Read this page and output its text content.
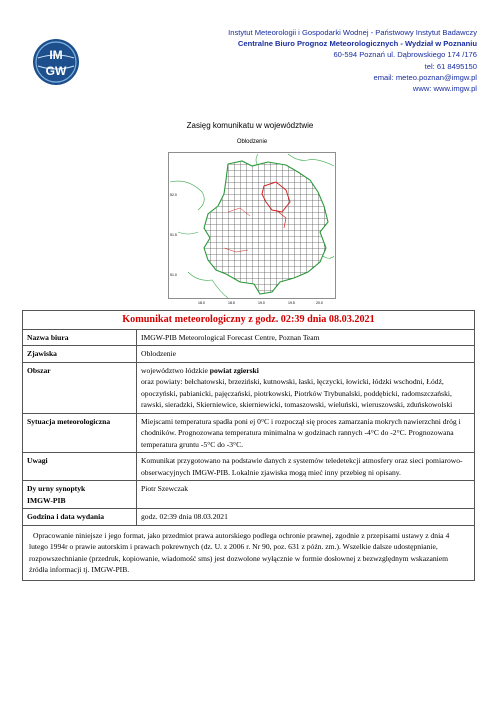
IM
GW
Instytut Meteorologii i Gospodarki Wodnej - Państwowy Instytut Badawczy
Centralne Biuro Prognoz Meteorologicznych - Wydział w Poznaniu
60-594 Poznań ul. Dąbrowskiego 174 /176
tel: 61 8495150
email: meteo.poznan@imgw.pl
www: www.imgw.pl
Zasięg komunikatu w województwie
Oblodzenie
52.0
51.5
51.0
18.0	18.5	19.0	19.5	20.0
Komunikat meteorologiczny z godz. 02:39 dnia 08.03.2021	
Nazwa biura	IMGW-PIB Meteorological Forecast Centre, Poznan Team
Zjawiska	Oblodzenie
Obszar	województwo łódzkie powiat zgierski
oraz powiaty: bełchatowski, brzeziński, kutnowski, łaski, łęczycki, łowicki, łódzki wschodni, Łódź, opoczyński, pabianicki, pajęczański, piotrkowski, Piotrków Trybunalski, poddębicki, radomszczański, rawski, sieradzki, Skierniewice, skierniewicki, tomaszowski, wieluński, wieruszowski, zduńskowolski
Sytuacja meteorologiczna	Miejscami temperatura spadła poni ej 0°C i rozpoczął się proces zamarzania mokrych nawierzchni dróg i chodników. Prognozowana temperatura minimalna w godzinach rannych -4°C do -2°C. Prognozowana temperatura gruntu -5°C do -3°C.
Uwagi	Komunikat przygotowano na podstawie danych z systemów teledetekcji atmosfery oraz sieci pomiarowo-obserwacyjnych IMGW-PIB. Lokalnie zjawiska mogą mieć inny przebieg ni opisany.
Dy urny synoptyk
IMGW-PIB	Piotr Szewczak
Godzina i data wydania	godz. 02:39 dnia 08.03.2021
Opracowanie niniejsze i jego format, jako przedmiot prawa autorskiego podlega ochronie prawnej, zgodnie z przepisami ustawy z dnia 4 lutego 1994r o prawie autorskim i prawach pokrewnych (dz. U. z 2006 r. Nr 90, poz. 631 z późn. zm.). Wszelkie dalsze udostępnianie, rozpowszechnianie (przedruk, kopiowanie, wiadomość sms) jest dozwolone wyłącznie w formie dosłownej z bezwzględnym wskazaniem źródła informacji tj. IMGW-PIB.	
